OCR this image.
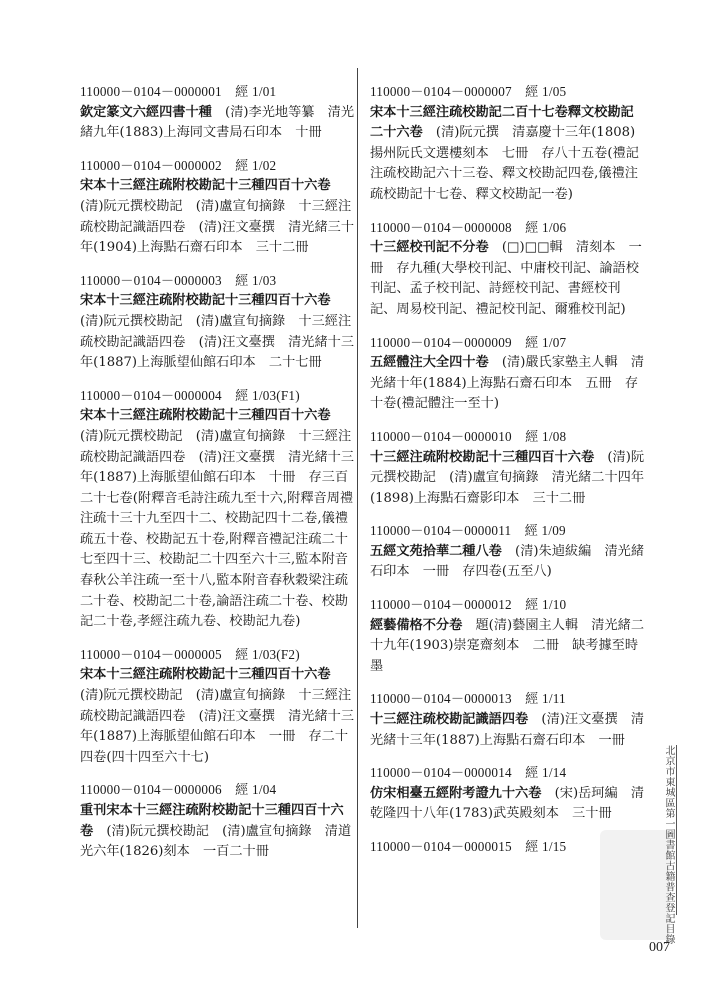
110000－0104－0000001　經 1/01
欽定篆文六經四書十種　(清)李光地等纂　清光緒九年(1883)上海同文書局石印本　十冊
110000－0104－0000002　經 1/02
宋本十三經注疏附校勘記十三種四百十六卷　(清)阮元撰校勘記　(清)盧宣旬摘錄　十三經注疏校勘記識語四卷　(清)汪文臺撰　清光緒三十年(1904)上海點石齋石印本　三十二冊
110000－0104－0000003　經 1/03
宋本十三經注疏附校勘記十三種四百十六卷　(清)阮元撰校勘記　(清)盧宣旬摘錄　十三經注疏校勘記識語四卷　(清)汪文臺撰　清光緒十三年(1887)上海脈望仙館石印本　二十七冊
110000－0104－0000004　經 1/03(F1)
宋本十三經注疏附校勘記十三種四百十六卷　(清)阮元撰校勘記　(清)盧宣旬摘錄　十三經注疏校勘記識語四卷　(清)汪文臺撰　清光緒十三年(1887)上海脈望仙館石印本　十冊　存三百二十七卷(附釋音毛詩注疏九至十六,附釋音周禮注疏十三十九至四十二、校勘記四十二卷,儀禮疏五十卷、校勘記五十卷,附釋音禮記注疏二十七至四十三、校勘記二十四至六十三,監本附音春秋公羊注疏一至十八,監本附音春秋穀梁注疏二十卷、校勘記二十卷,論語注疏二十卷、校勘記二十卷,孝經注疏九卷、校勘記九卷)
110000－0104－0000005　經 1/03(F2)
宋本十三經注疏附校勘記十三種四百十六卷　(清)阮元撰校勘記　(清)盧宣旬摘錄　十三經注疏校勘記識語四卷　(清)汪文臺撰　清光緒十三年(1887)上海脈望仙館石印本　一冊　存二十四卷(四十四至六十七)
110000－0104－0000006　經 1/04
重刊宋本十三經注疏附校勘記十三種四百十六卷　(清)阮元撰校勘記　(清)盧宣旬摘錄　清道光六年(1826)刻本　一百二十冊
110000－0104－0000007　經 1/05
宋本十三經注疏校勘記二百十七卷釋文校勘記二十六卷　(清)阮元撰　清嘉慶十三年(1808)揚州阮氏文選樓刻本　七冊　存八十五卷(禮記注疏校勘記六十三卷、釋文校勘記四卷,儀禮注疏校勘記十七卷、釋文校勘記一卷)
110000－0104－0000008　經 1/06
十三經校刊記不分卷　(□)□□輯　清刻本　一冊　存九種(大學校刊記、中庸校刊記、論語校刊記、孟子校刊記、詩經校刊記、書經校刊記、周易校刊記、禮記校刊記、爾雅校刊記)
110000－0104－0000009　經 1/07
五經體注大全四十卷　(清)嚴氏家塾主人輯　清光緒十年(1884)上海點石齋石印本　五冊　存十卷(禮記體注一至十)
110000－0104－0000010　經 1/08
十三經注疏附校勘記十三種四百十六卷　(清)阮元撰校勘記　(清)盧宣旬摘錄　清光緒二十四年(1898)上海點石齋影印本　三十二冊
110000－0104－0000011　經 1/09
五經文苑拾華二種八卷　(清)朱逌紱編　清光緒石印本　一冊　存四卷(五至八)
110000－0104－0000012　經 1/10
經藝備格不分卷　題(清)藝園主人輯　清光緒二十九年(1903)崇寔齋刻本　二冊　缺考據至時墨
110000－0104－0000013　經 1/11
十三經注疏校勘記識語四卷　(清)汪文臺撰　清光緒十三年(1887)上海點石齋石印本　一冊
110000－0104－0000014　經 1/14
仿宋相臺五經附考證九十六卷　(宋)岳珂編　清乾隆四十八年(1783)武英殿刻本　三十冊
110000－0104－0000015　經 1/15	北京市東城區第一圖書館古籍普查登記目錄
007
